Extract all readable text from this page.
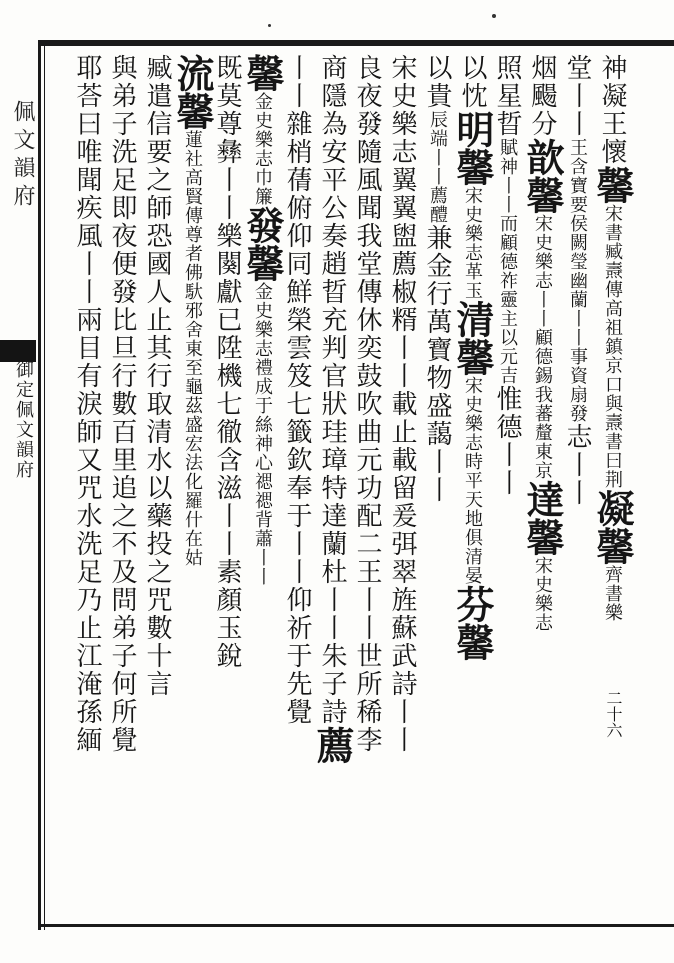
佩文韻府
御定佩文韻府
神凝王懷馨宋書臧燾傳高祖鎮京口與燾書曰荆凝馨齊書樂
堂丨丨王含寶要侯闕瑩幽蘭丨丨事資扇發志丨丨
烟颺分歆馨宋史樂志丨丨顧德錫我蕃釐東京達馨宋史樂志
照星晢賦神丨丨而顧德祚靈主以元吉惟德丨丨
以忱明馨宋史樂志革玉清馨宋史樂志時平天地俱清晏芬馨
以貴辰端丨丨薦醴兼金行萬寶物盛藹丨丨
宋史樂志翼翼盥薦椒糈丨丨載止載留爰弭翠旌蘇武詩丨丨
良夜發隨風聞我堂傳休奕鼓吹曲元功配二王丨丨世所稀李
商隱為安平公奏趙晢充判官狀珪璋特達蘭杜丨丨朱子詩薦
丨丨雜梢蒨俯仰同鮮榮雲笈七籤欽奉于丨丨仰祈于先覺
馨金史樂志巾簾發馨金史樂志禮成于絲神心禗禗背蕭丨丨
既莫尊彝丨丨樂闋獻已陞機七徹含滋丨丨素顏玉銳
流馨蓮社高賢傳尊者佛馱邪舍東至龜茲盛宏法化羅什在姑
臧遣信要之師恐國人止其行取清水以藥投之咒數十言
與弟子洗足即夜便發比旦行數百里追之不及問弟子何所覺
耶荅曰唯聞疾風丨丨兩目有淚師又咒水洗足乃止江淹孫緬	二十六
